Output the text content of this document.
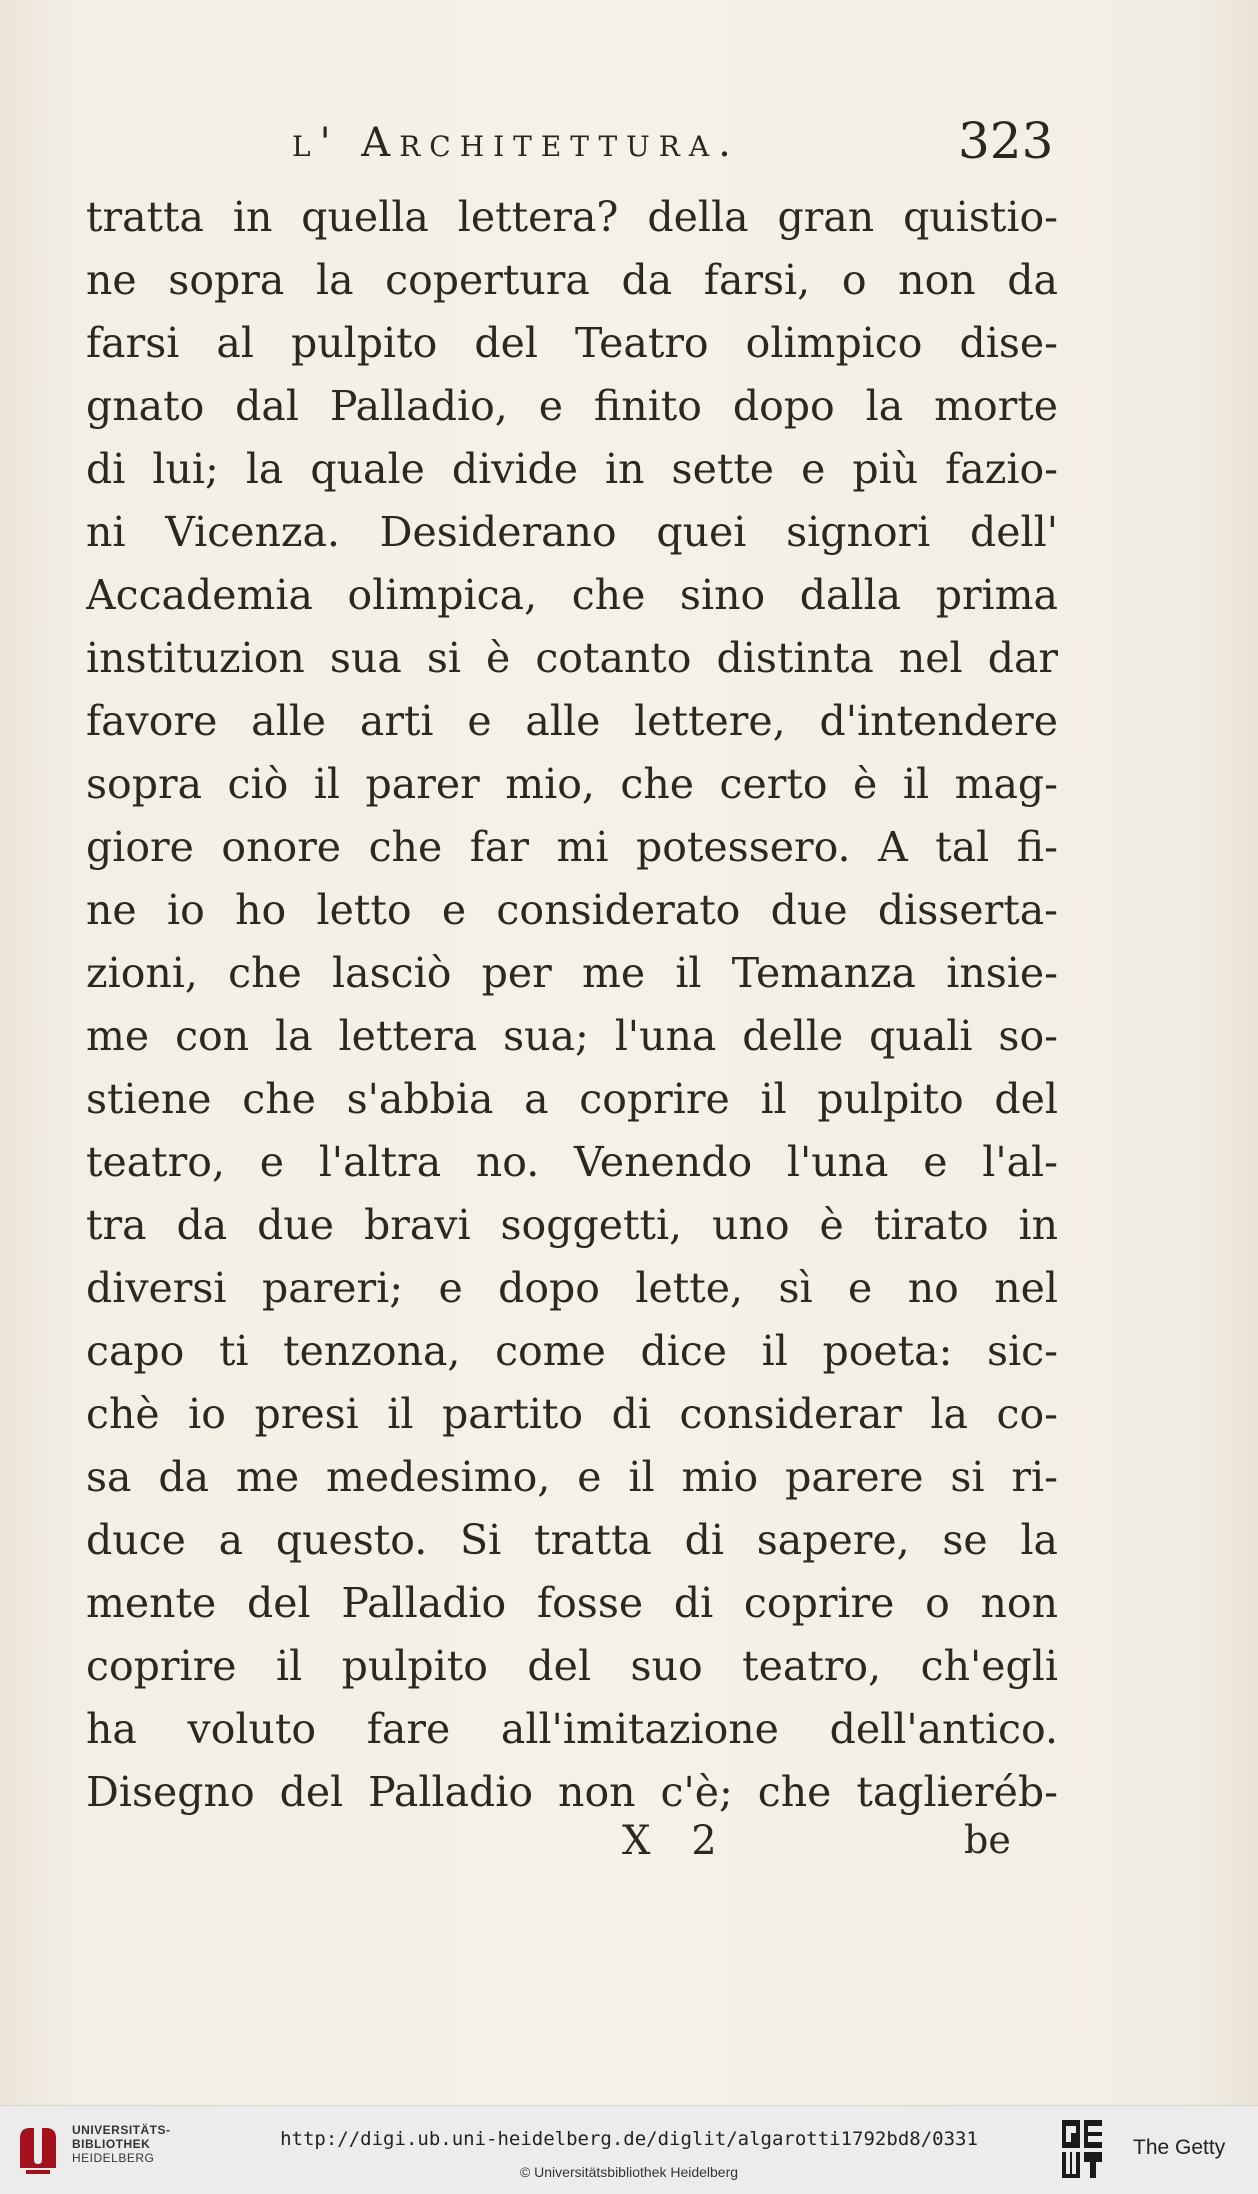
l' Architettura.	323
tratta in quella lettera? della gran quistio-
ne sopra la copertura da farsi, o non da
farsi al pulpito del Teatro olimpico dise-
gnato dal Palladio, e finito dopo la morte
di lui; la quale divide in sette e più fazio-
ni Vicenza. Desiderano quei signori dell'
Accademia olimpica, che sino dalla prima
instituzion sua si è cotanto distinta nel dar
favore alle arti e alle lettere, d'intendere
sopra ciò il parer mio, che certo è il mag-
giore onore che far mi potessero. A tal fi-
ne io ho letto e considerato due disserta-
zioni, che lasciò per me il Temanza insie-
me con la lettera sua; l'una delle quali so-
stiene che s'abbia a coprire il pulpito del
teatro, e l'altra no. Venendo l'una e l'al-
tra da due bravi soggetti, uno è tirato in
diversi pareri; e dopo lette, sì e no nel
capo ti tenzona, come dice il poeta: sic-
chè io presi il partito di considerar la co-
sa da me medesimo, e il mio parere si ri-
duce a questo. Si tratta di sapere, se la
mente del Palladio fosse di coprire o non
coprire il pulpito del suo teatro, ch'egli
ha voluto fare all'imitazione dell'antico.
Disegno del Palladio non c'è; che taglieréb-
X 2	be
UNIVERSITÄTS-
BIBLIOTHEK
HEIDELBERG
http://digi.ub.uni-heidelberg.de/diglit/algarotti1792bd8/0331
© Universitätsbibliothek Heidelberg
The Getty
